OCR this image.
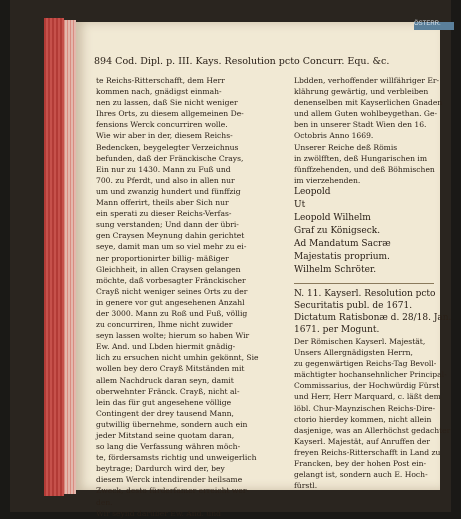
ÖSTERR.
894 Cod. Dipl. p. III. Kays. Resolution pcto Concurr. Equ. &c.
te Reichs-Ritterschafft, dem Herr
kommen nach, gnädigst einmah-
nen zu lassen, daß Sie nicht weniger
Ihres Orts, zu diesem allgemeinen De-
fensions Werck concurriren wolle.
Wie wir aber in der, diesem Reichs-
Bedencken, beygelegter Verzeichnus
befunden, daß der Fränckische Crays,
Ein nur zu 1430. Mann zu Fuß und
700. zu Pferdt, und also in allen nur
um und zwanzig hundert und fünffzig
Mann offerirt, theils aber Sich nur
ein sperati zu dieser Reichs-Verfas-
sung verstanden; Und dann der übri-
gen Craysen Meynung dahin gerichtet
seye, damit man um so viel mehr zu ei-
ner proportionirter billig- mäßiger
Gleichheit, in allen Craysen gelangen
möchte, daß vorbesagter Fränckischer
Crayß nicht weniger seines Orts zu der
in genere vor gut angesehenen Anzahl
der 3000. Mann zu Roß und Fuß, völlig
zu concurriren, Ihme nicht zuwider
seyn lassen wolte; hierum so haben Wir
Ew. And. und Lbden hiermit gnädig-
lich zu ersuchen nicht umhin gekönnt, Sie
wollen bey dero Crayß Mitständen mit
allem Nachdruck daran seyn, damit
oberwehnter Fränck. Crayß, nicht al-
lein das für gut angesehene völlige
Contingent der drey tausend Mann,
gutwillig übernehme, sondern auch ein
jeder Mitstand seine quotam daran,
so lang die Verfassung währen möch-
te, fördersamsts richtig und unweigerlich
beytrage; Dardurch wird der, bey
diesem Werck intendirender heilsame
Zweck, desto fürderfamer erreicht wer-
den.
Wir seynd darüber Ew. And. und
Lbdden, verhoffender willfähriger Er-
klährung gewärtig, und verbleiben
denenselben mit Kayserlichen Gnaden
und allem Guten wohlbeygethan. Ge-
ben in unserer Stadt Wien den 16.
Octobris Anno 1669.
Unserer Reiche deß Römis
in zwölfften, deß Hungarischen im
fünffzehenden, und deß Böhmischen
im vierzehenden.
Leopold
Ut
Leopold Wilhelm
Graf zu Königseck.
Ad Mandatum Sacræ
Majestatis proprium.
Wilhelm Schröter.
N. 11. Kayserl. Resolution pcto
Securitatis publ. de 1671.
Dictatum Ratisbonæ d. 28/18. Jan.
1671. per Mogunt.
Der Römischen Kayserl. Majestät,
Unsers Allergnädigsten Herrn,
zu gegenwärtigen Reichs-Tag Bevoll-
mächtigter hochansehnlicher Principal-
Commissarius, der Hochwürdig Fürst
und Herr, Herr Marquard, c. läßt dem
löbl. Chur-Maynzischen Reichs-Dire-
ctorio hierdey kommen, nicht allein
dasjenige, was an Allerhöchst gedachter
Kayserl. Majestät, auf Anruffen der
freyen Reichs-Ritterschafft in Land zu
Francken, bey der hohen Post ein-
gelangt ist, sondern auch E. Hoch-
fürstl.
